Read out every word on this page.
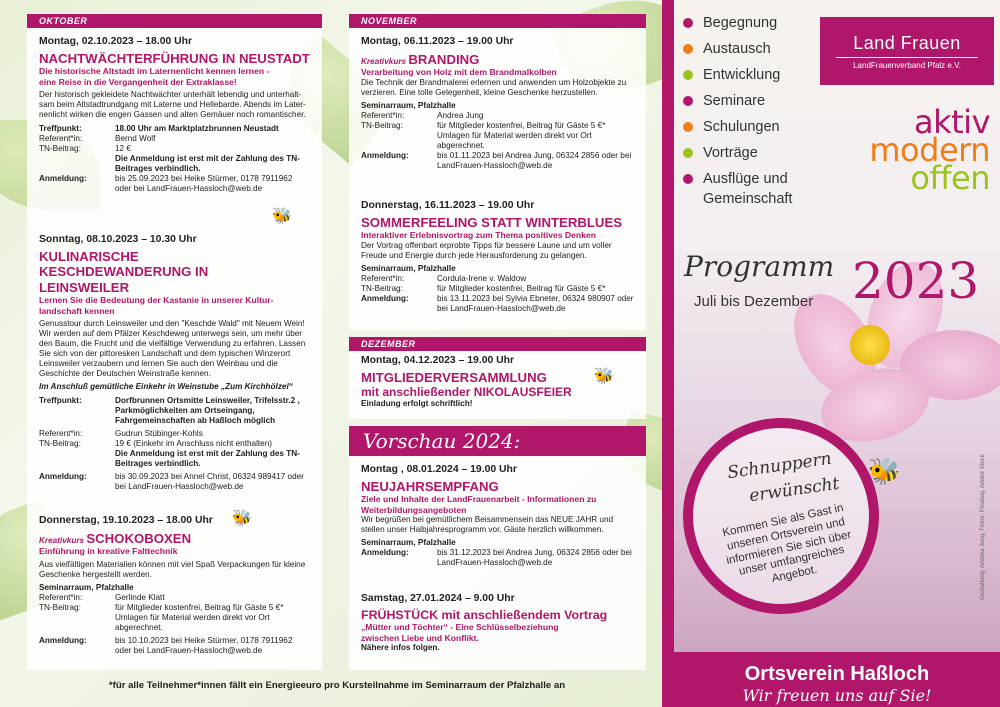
OKTOBER
Montag, 02.10.2023 – 18.00 Uhr
NACHTWÄCHTERFÜHRUNG IN NEUSTADT
Die historische Altstadt im Laternenlicht kennen lernen -
eine Reise in die Vergangenheit der Extraklasse!
Der historisch gekleidete Nachtwächter unterhält lebendig und unterhalt-sam beim Altstadtrundgang mit Laterne und Hellebarde. Abends im Later-nenlicht wirken die engen Gassen und alten Gemäuer noch romantischer.
Treffpunkt:	18.00 Uhr am Marktplatzbrunnen Neustadt
Referent*in:	Bernd Wolf
TN-Beitrag:	12 €
Die Anmeldung ist erst mit der Zahlung des TN-Beitrages verbindlich.
Anmeldung:	bis 25.09.2023 bei Heike Stürmer, 0178 7911962 oder bei LandFrauen-Hassloch@web.de
Sonntag, 08.10.2023 – 10.30 Uhr
KULINARISCHE KESCHDEWANDERUNG IN LEINSWEILER
Lernen Sie die Bedeutung der Kastanie in unserer Kultur-
landschaft kennen
Genusstour durch Leinsweiler und den "Keschde Wald" mit Neuem Wein! Wir werden auf dem Pfälzer Keschdeweg unterwegs sein, um mehr über den Baum, die Frucht und die vielfältige Verwendung zu erfahren. Lassen Sie sich von der pittoresken Landschaft und dem typischen Winzerort Leinsweiler verzaubern und lernen Sie auch den Weinbau und die Geschichte der Deutschen Weinstraße kennen.
Im Anschluß gemütliche Einkehr in Weinstube „Zum Kirchhölzel“
Treffpunkt:	Dorfbrunnen Ortsmitte Leinsweiler, Trifelsstr.2 , Parkmöglichkeiten am Ortseingang, Fahrgemeinschaften ab Haßloch möglich
Referent*in:	Gudrun Stübinger-Kohls
TN-Beitrag:	19 € (Einkehr im Anschluss nicht enthalten)
Die Anmeldung ist erst mit der Zahlung des TN-Beitrages verbindlich.
Anmeldung:	bis 30.09.2023 bei Annel Christ, 06324 989417 oder bei LandFrauen-Hassloch@web.de
Donnerstag, 19.10.2023 – 18.00 Uhr
Kreativkurs SCHOKOBOXEN
Einführung in kreative Falttechnik
Aus vielfältigen Materialien können mit viel Spaß Verpackungen für kleine Geschenke hergestellt werden.
Seminarraum, Pfalzhalle
Referent*in:	Gerlinde Klatt
TN-Beitrag:	für Mitglieder kostenfrei, Beitrag für Gäste 5 €* Umlagen für Material werden direkt vor Ort abgerechnet.
Anmeldung:	bis 10.10.2023 bei Heike Stürmer, 0178 7911962 oder bei LandFrauen-Hassloch@web.de
🐝
🐝
NOVEMBER
Montag, 06.11.2023 – 19.00 Uhr
Kreativkurs BRANDING
Verarbeitung von Holz mit dem Brandmalkolben
Die Technik der Brandmalerei erlernen und anwenden um Holzobjekte zu verzieren. Eine tolle Gelegenheit, kleine Geschenke herzustellen.
Seminarraum, Pfalzhalle
Referent*in:	Andrea Jung
TN-Beitrag:	für Mitglieder kostenfrei, Beitrag für Gäste 5 €* Umlagen für Material werden direkt vor Ort abgerechnet.
Anmeldung:	bis 01.11.2023 bei Andrea Jung, 06324 2856 oder bei LandFrauen-Hassloch@web.de
Donnerstag, 16.11.2023 – 19.00 Uhr
SOMMERFEELING STATT WINTERBLUES
Interaktiver Erlebnisvortrag zum Thema positives Denken
Der Vortrag offenbart erprobte Tipps für bessere Laune und um voller Freude und Energie durch jede Herausforderung zu gelangen.
Seminarraum, Pfalzhalle
Referent*in:	Cordula-Irene v. Waldow
TN-Beitrag:	für Mitglieder kostenfrei, Beitrag für Gäste 5 €*
Anmeldung:	bis 13.11.2023 bei Sylvia Ebneter, 06324 980907 oder bei LandFrauen-Hassloch@web.de
DEZEMBER
Montag, 04.12.2023 – 19.00 Uhr
MITGLIEDERVERSAMMLUNG
mit anschließender NIKOLAUSFEIER
Einladung erfolgt schriftlich!
🐝
Vorschau 2024:
Montag , 08.01.2024 – 19.00 Uhr
NEUJAHRSEMPFANG
Ziele und Inhalte der LandFrauenarbeit - Informationen zu
Weiterbildungsangeboten
Wir begrüßen bei gemütlichem Beisammensein das NEUE JAHR und stellen unser Halbjahresprogramm vor. Gäste herzlich willkommen.
Seminarraum, Pfalzhalle
Anmeldung:	bis 31.12.2023 bei Andrea Jung, 06324 2856 oder bei LandFrauen-Hassloch@web.de
Samstag, 27.01.2024 – 9.00 Uhr
FRÜHSTÜCK mit anschließendem Vortrag
„Mütter und Töchter“ - Eine Schlüsselbeziehung
zwischen Liebe und Konflikt.
Nähere infos folgen.
*für alle Teilnehmer*innen fällt ein Energieeuro pro Kursteilnahme im Seminarraum der Pfalzhalle an
Begegnung
Austausch
Entwicklung
Seminare
Schulungen
Vorträge
Ausflüge und
Gemeinschaft
Land Frauen
LandFrauenverband Pfalz e.V.
aktiv
modern
offen
Programm
Juli bis Dezember 2023
Schnuppern
erwünscht
Kommen Sie als Gast in unseren Ortsverein und informieren Sie sich über unser umfangreiches Angebot.
🐝	Gestaltung: Andrea Jung, Fotos: Pixabay, Adobe Stock
Ortsverein Haßloch
Wir freuen uns auf Sie!
